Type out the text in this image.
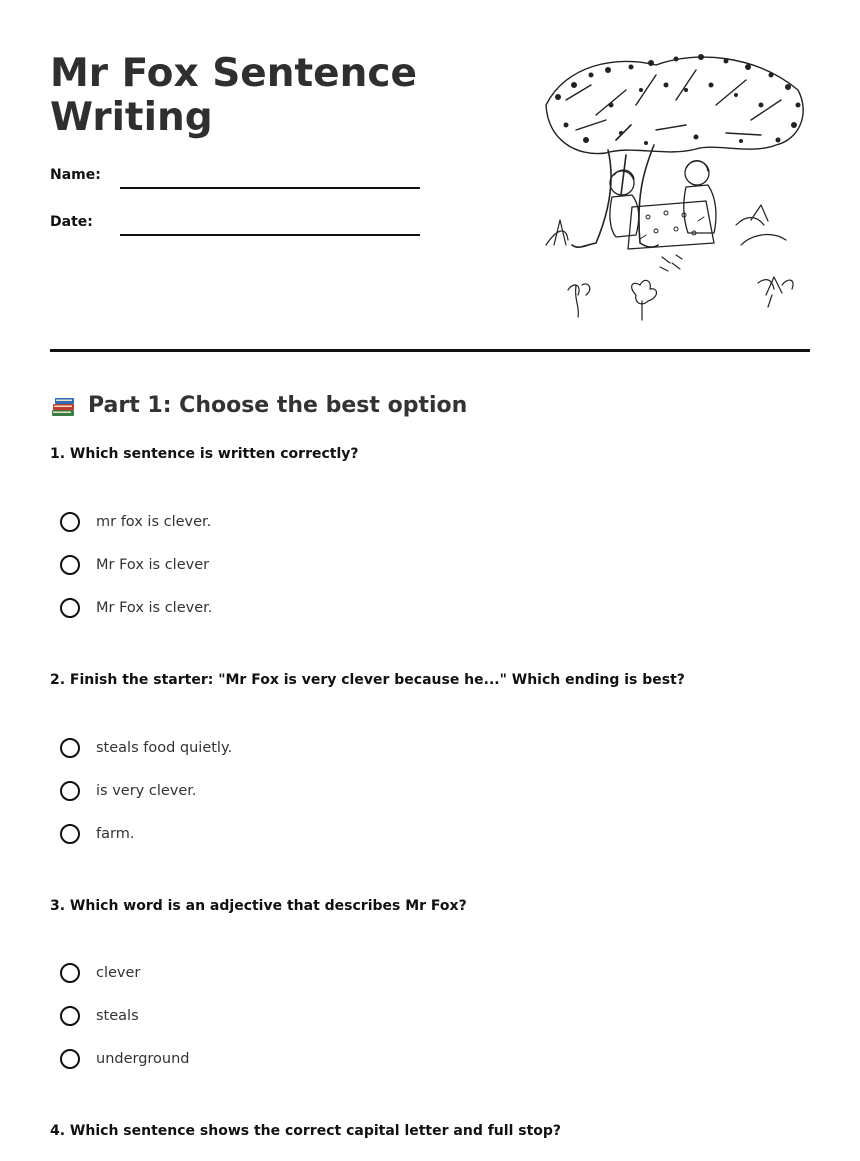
Mr Fox Sentence Writing
Name:
Date:
Part 1: Choose the best option

1. Which sentence is written correctly?

mr fox is clever.
Mr Fox is clever
Mr Fox is clever.

2. Finish the starter: "Mr Fox is very clever because he..." Which ending is best?

steals food quietly.
is very clever.
farm.

3. Which word is an adjective that describes Mr Fox?

clever
steals
underground

4. Which sentence shows the correct capital letter and full stop?
